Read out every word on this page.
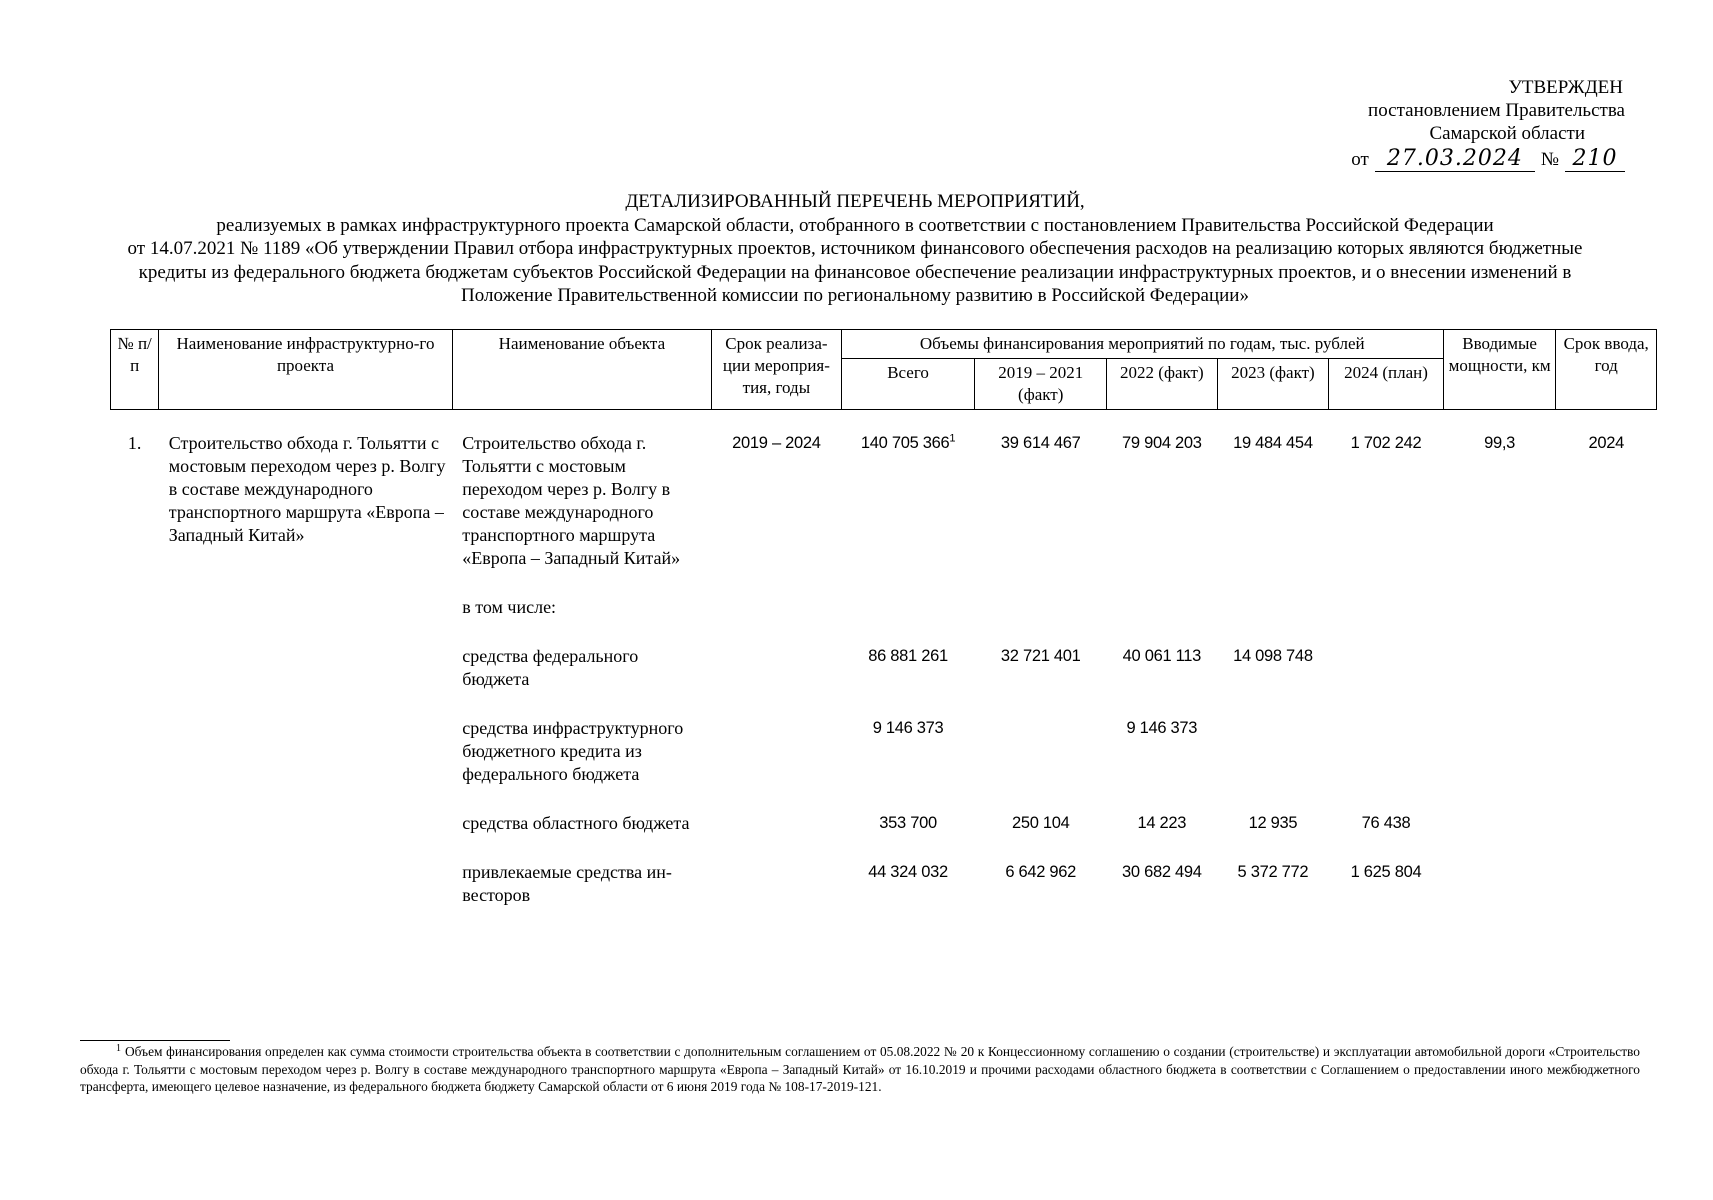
УТВЕРЖДЕН
постановлением Правительства
Самарской области
от 27.03.2024 № 210
ДЕТАЛИЗИРОВАННЫЙ ПЕРЕЧЕНЬ МЕРОПРИЯТИЙ,
реализуемых в рамках инфраструктурного проекта Самарской области, отобранного в соответствии с постановлением Правительства Российской Федерации
от 14.07.2021 № 1189 «Об утверждении Правил отбора инфраструктурных проектов, источником финансового обеспечения расходов на реализацию которых являются бюджетные
кредиты из федерального бюджета бюджетам субъектов Российской Федерации на финансовое обеспечение реализации инфраструктурных проектов, и о внесении изменений в
Положение Правительственной комиссии по региональному развитию в Российской Федерации»
№ п/п	Наименование инфраструктурно-го проекта	Наименование объекта	Срок реализа-ции мероприя-тия, годы	Объемы финансирования мероприятий по годам, тыс. рублей					Вводимые мощности, км	Срок ввода, год
				Всего	2019 – 2021 (факт)	2022 (факт)	2023 (факт)	2024 (план)		
1.	Строительство обхода г. Тольятти с мостовым переходом через р. Волгу в составе международного транспортного маршрута «Европа – Западный Китай»	Строительство обхода г. Тольятти с мостовым переходом через р. Волгу в составе международного транспортного маршрута «Европа – Западный Китай»	2019 – 2024	140 705 $366^1$	39 614 467	79 904 203	19 484 454	1 702 242	99,3	2024
		в том числе:								
		средства федерального бюджета		86 881 261	32 721 401	40 061 113	14 098 748			
		средства инфраструктурного бюджетного кредита из федерального бюджета		9 146 373		9 146 373				
		средства областного бюджета		353 700	250 104	14 223	12 935	76 438		
		привлекаемые средства ин-весторов		44 324 032	6 642 962	30 682 494	5 372 772	1 625 804		
$^1$ Объем финансирования определен как сумма стоимости строительства объекта в соответствии с дополнительным соглашением от 05.08.2022 № 20 к Концессионному соглашению о создании (строительстве) и эксплуатации автомобильной дороги «Строительство обхода г. Тольятти с мостовым переходом через р. Волгу в составе международного транспортного маршрута «Европа – Западный Китай» от 16.10.2019 и прочими расходами областного бюджета в соответствии с Соглашением о предоставлении иного межбюджетного трансферта, имеющего целевое назначение, из федерального бюджета бюджету Самарской области от 6 июня 2019 года № 108-17-2019-121.
